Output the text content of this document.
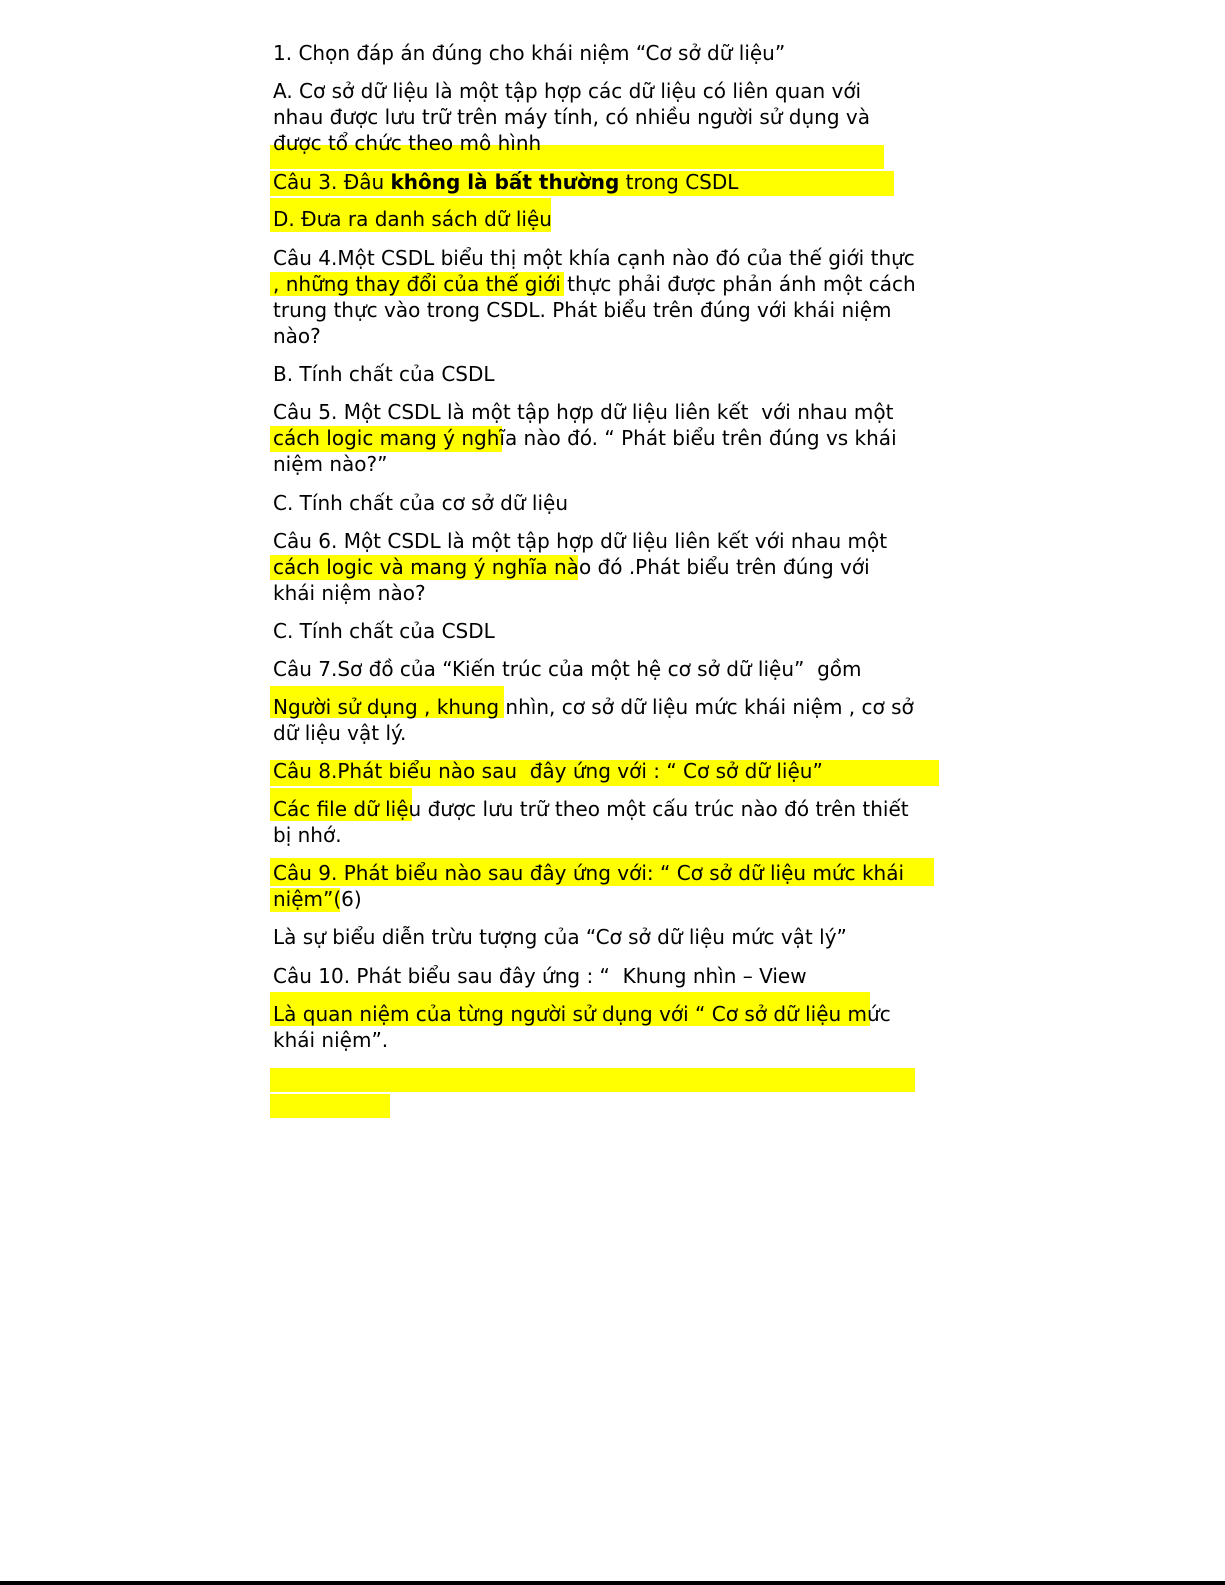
1. Chọn đáp án đúng cho khái niệm “Cơ sở dữ liệu”
A. Cơ sở dữ liệu là một tập hợp các dữ liệu có liên quan với
nhau được lưu trữ trên máy tính, có nhiều người sử dụng và
được tổ chức theo mô hình
Câu 3. Đâu không là bất thường trong CSDL
D. Đưa ra danh sách dữ liệu
Câu 4.Một CSDL biểu thị một khía cạnh nào đó của thế giới thực
, những thay đổi của thế giới thực phải được phản ánh một cách
trung thực vào trong CSDL. Phát biểu trên đúng với khái niệm
nào?
B. Tính chất của CSDL
Câu 5. Một CSDL là một tập hợp dữ liệu liên kết  với nhau một
cách logic mang ý nghĩa nào đó. “ Phát biểu trên đúng vs khái
niệm nào?”
C. Tính chất của cơ sở dữ liệu
Câu 6. Một CSDL là một tập hợp dữ liệu liên kết với nhau một
cách logic và mang ý nghĩa nào đó .Phát biểu trên đúng với
khái niệm nào?
C. Tính chất của CSDL
Câu 7.Sơ đồ của “Kiến trúc của một hệ cơ sở dữ liệu”  gồm
Người sử dụng , khung nhìn, cơ sở dữ liệu mức khái niệm , cơ sở
dữ liệu vật lý.
Câu 8.Phát biểu nào sau  đây ứng với : “ Cơ sở dữ liệu”
Các file dữ liệu được lưu trữ theo một cấu trúc nào đó trên thiết
bị nhớ.
Câu 9. Phát biểu nào sau đây ứng với: “ Cơ sở dữ liệu mức khái
niệm”(6)
Là sự biểu diễn trừu tượng của “Cơ sở dữ liệu mức vật lý”
Câu 10. Phát biểu sau đây ứng : “  Khung nhìn – View
Là quan niệm của từng người sử dụng với “ Cơ sở dữ liệu mức
khái niệm”.
